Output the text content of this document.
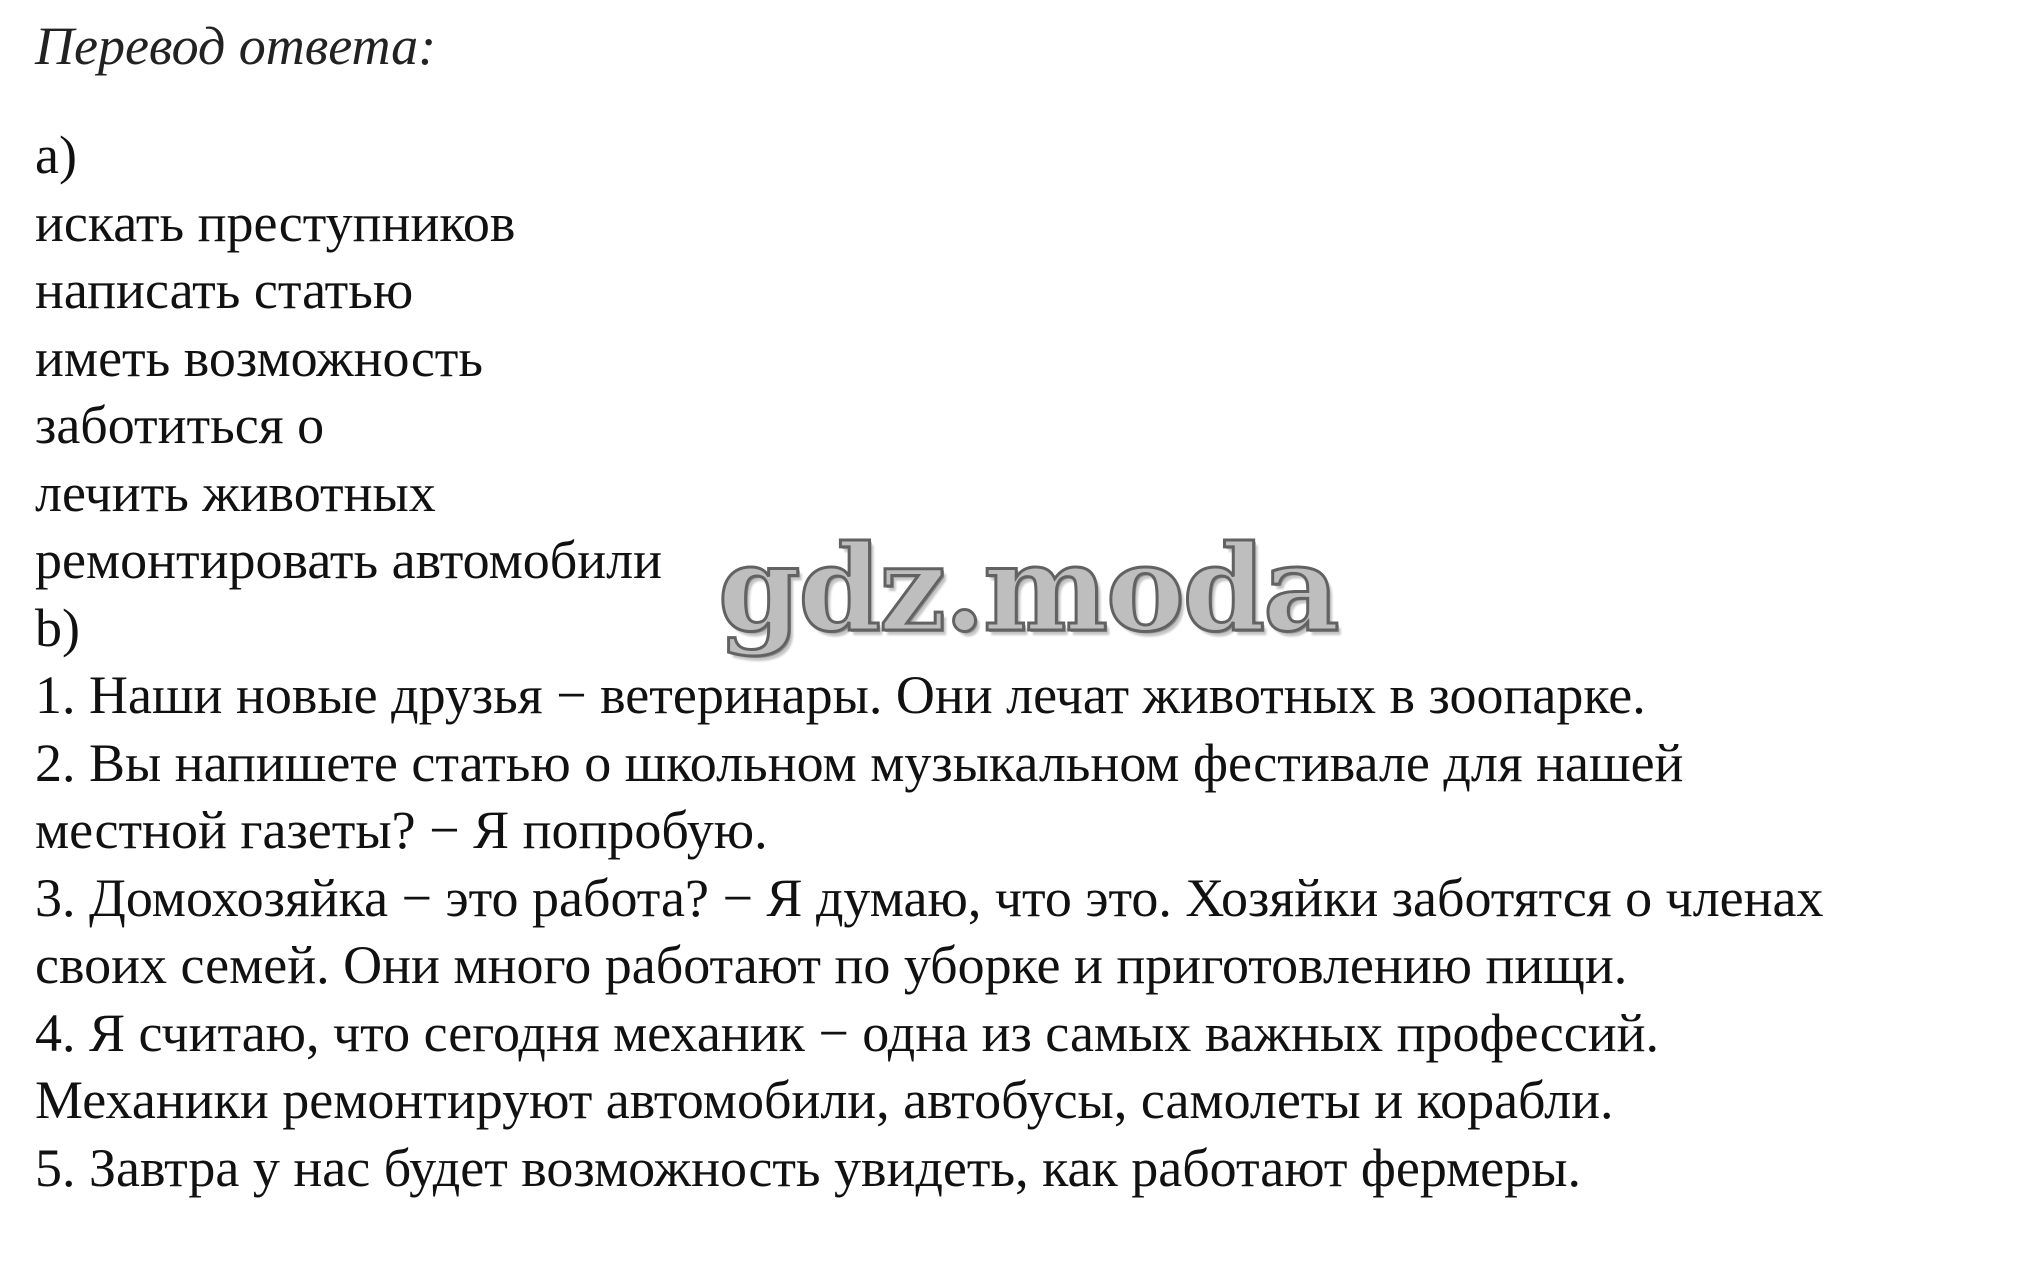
Перевод ответа:
a)
искать преступников
написать статью
иметь возможность
заботиться о
лечить животных
ремонтировать автомобили
b)
1. Наши новые друзья − ветеринары. Они лечат животных в зоопарке.
2. Вы напишете статью о школьном музыкальном фестивале для нашей
местной газеты? − Я попробую.
3. Домохозяйка − это работа? − Я думаю, что это. Хозяйки заботятся о членах
своих семей. Они много работают по уборке и приготовлению пищи.
4. Я считаю, что сегодня механик − одна из самых важных профессий.
Механики ремонтируют автомобили, автобусы, самолеты и корабли.
5. Завтра у нас будет возможность увидеть, как работают фермеры.
gdz.moda
